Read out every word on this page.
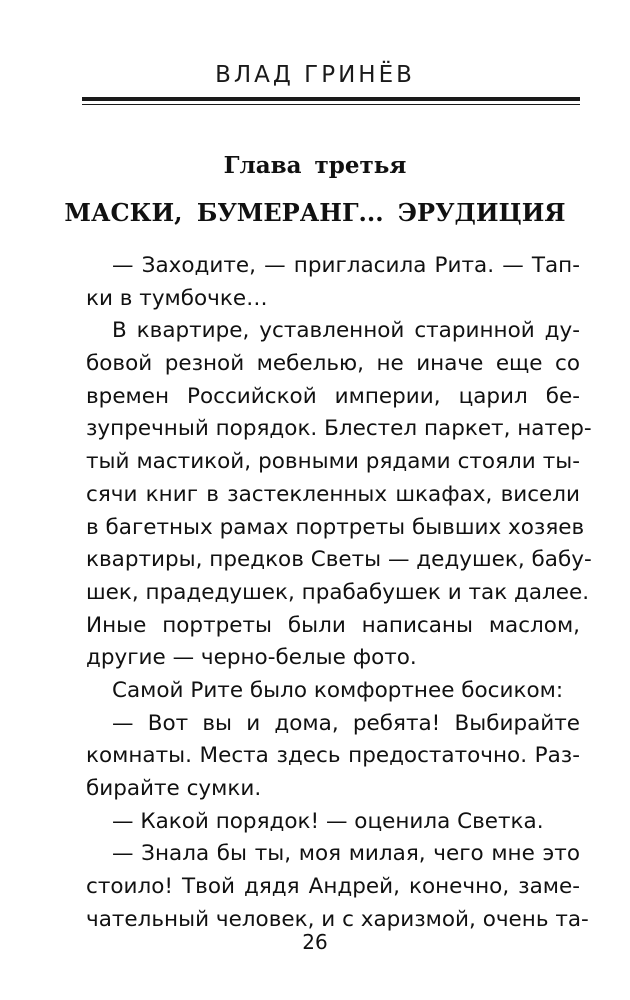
ВЛАД ГРИНЁВ
Глава третья
МАСКИ, БУМЕРАНГ... ЭРУДИЦИЯ
— Заходите, — пригласила Рита. — Тап-
ки в тумбочке…
В квартире, уставленной старинной ду-
бовой резной мебелью, не иначе еще со
времен Российской империи, царил бе-
зупречный порядок. Блестел паркет, натер-
тый мастикой, ровными рядами стояли ты-
сячи книг в застекленных шкафах, висели
в багетных рамах портреты бывших хозяев
квартиры, предков Светы — дедушек, бабу-
шек, прадедушек, прабабушек и так далее.
Иные портреты были написаны маслом,
другие — черно-белые фото.
Самой Рите было комфортнее босиком:
— Вот вы и дома, ребята! Выбирайте
комнаты. Места здесь предостаточно. Раз-
бирайте сумки.
— Какой порядок! — оценила Светка.
— Знала бы ты, моя милая, чего мне это
стоило! Твой дядя Андрей, конечно, заме-
чательный человек, и с харизмой, очень та-
26
